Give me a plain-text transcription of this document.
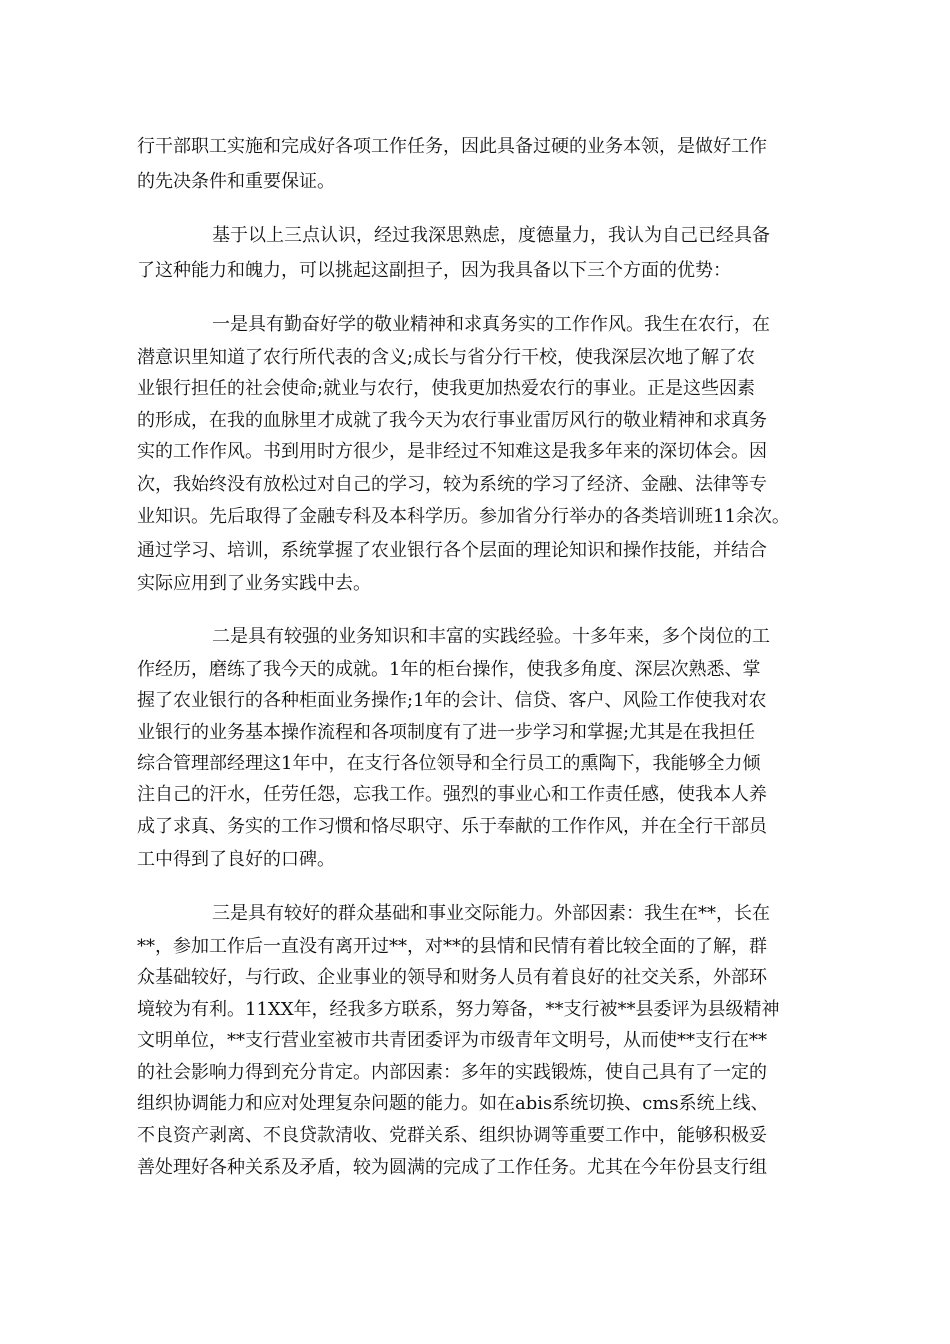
行干部职工实施和完成好各项工作任务，因此具备过硬的业务本领，是做好工作

的先决条件和重要保证。

基于以上三点认识，经过我深思熟虑，度德量力，我认为自己已经具备

了这种能力和魄力，可以挑起这副担子，因为我具备以下三个方面的优势：

一是具有勤奋好学的敬业精神和求真务实的工作作风。我生在农行，在

潜意识里知道了农行所代表的含义;成长与省分行干校，使我深层次地了解了农

业银行担任的社会使命;就业与农行，使我更加热爱农行的事业。正是这些因素

的形成，在我的血脉里才成就了我今天为农行事业雷厉风行的敬业精神和求真务

实的工作作风。书到用时方很少，是非经过不知难这是我多年来的深切体会。因

次，我始终没有放松过对自己的学习，较为系统的学习了经济、金融、法律等专

业知识。先后取得了金融专科及本科学历。参加省分行举办的各类培训班11余次。

通过学习、培训，系统掌握了农业银行各个层面的理论知识和操作技能，并结合

实际应用到了业务实践中去。

二是具有较强的业务知识和丰富的实践经验。十多年来，多个岗位的工

作经历，磨练了我今天的成就。1年的柜台操作，使我多角度、深层次熟悉、掌

握了农业银行的各种柜面业务操作;1年的会计、信贷、客户、风险工作使我对农

业银行的业务基本操作流程和各项制度有了进一步学习和掌握;尤其是在我担任

综合管理部经理这1年中，在支行各位领导和全行员工的熏陶下，我能够全力倾

注自己的汗水，任劳任怨，忘我工作。强烈的事业心和工作责任感，使我本人养

成了求真、务实的工作习惯和恪尽职守、乐于奉献的工作作风，并在全行干部员

工中得到了良好的口碑。

三是具有较好的群众基础和事业交际能力。外部因素：我生在**，长在

**，参加工作后一直没有离开过**，对**的县情和民情有着比较全面的了解，群

众基础较好，与行政、企业事业的领导和财务人员有着良好的社交关系，外部环

境较为有利。11XX年，经我多方联系，努力筹备，**支行被**县委评为县级精神

文明单位，**支行营业室被市共青团委评为市级青年文明号，从而使**支行在**

的社会影响力得到充分肯定。内部因素：多年的实践锻炼，使自己具有了一定的

组织协调能力和应对处理复杂问题的能力。如在abis系统切换、cms系统上线、

不良资产剥离、不良贷款清收、党群关系、组织协调等重要工作中，能够积极妥

善处理好各种关系及矛盾，较为圆满的完成了工作任务。尤其在今年份县支行组
